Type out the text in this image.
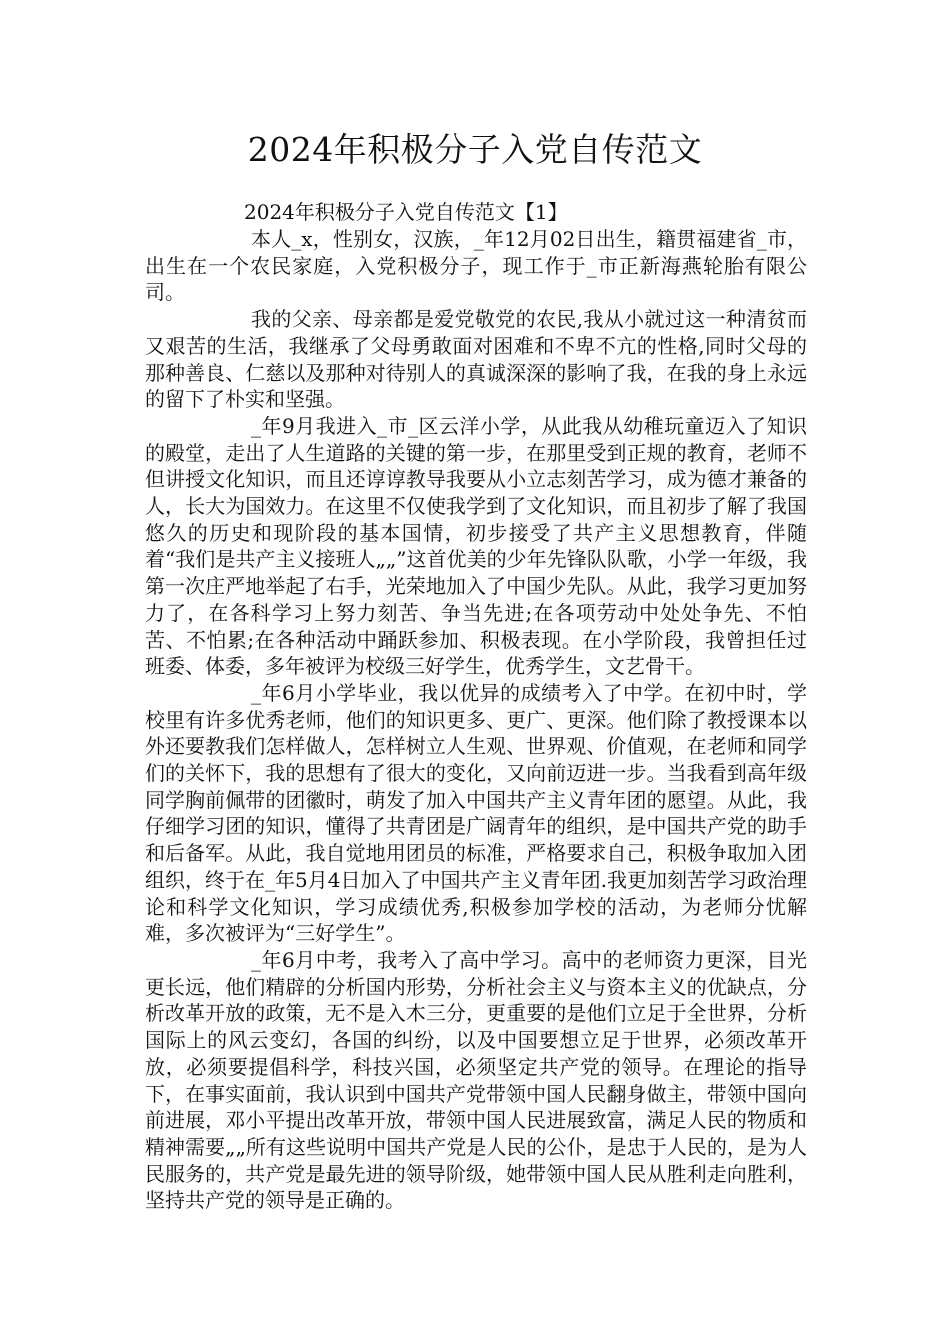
2024年积极分子入党自传范文
2024年积极分子入党自传范文【1】

本人_x，性别女，汉族，_年12月02日出生，籍贯福建省_市，出生在一个农民家庭，入党积极分子，现工作于_市正新海燕轮胎有限公司。

我的父亲、母亲都是爱党敬党的农民,我从小就过这一种清贫而又艰苦的生活，我继承了父母勇敢面对困难和不卑不亢的性格,同时父母的那种善良、仁慈以及那种对待别人的真诚深深的影响了我，在我的身上永远的留下了朴实和坚强。

_年9月我进入_市_区云洋小学，从此我从幼稚玩童迈入了知识的殿堂，走出了人生道路的关键的第一步，在那里受到正规的教育，老师不但讲授文化知识，而且还谆谆教导我要从小立志刻苦学习，成为德才兼备的人，长大为国效力。在这里不仅使我学到了文化知识，而且初步了解了我国悠久的历史和现阶段的基本国情，初步接受了共产主义思想教育，伴随着“我们是共产主义接班人„„”这首优美的少年先锋队队歌，小学一年级，我第一次庄严地举起了右手，光荣地加入了中国少先队。从此，我学习更加努力了，在各科学习上努力刻苦、争当先进;在各项劳动中处处争先、不怕苦、不怕累;在各种活动中踊跃参加、积极表现。在小学阶段，我曾担任过班委、体委，多年被评为校级三好学生，优秀学生，文艺骨干。

_年6月小学毕业，我以优异的成绩考入了中学。在初中时，学校里有许多优秀老师，他们的知识更多、更广、更深。他们除了教授课本以外还要教我们怎样做人，怎样树立人生观、世界观、价值观，在老师和同学们的关怀下，我的思想有了很大的变化，又向前迈进一步。当我看到高年级同学胸前佩带的团徽时，萌发了加入中国共产主义青年团的愿望。从此，我仔细学习团的知识，懂得了共青团是广阔青年的组织，是中国共产党的助手和后备军。从此，我自觉地用团员的标准，严格要求自己，积极争取加入团组织，终于在_年5月4日加入了中国共产主义青年团.我更加刻苦学习政治理论和科学文化知识，学习成绩优秀,积极参加学校的活动，为老师分忧解难，多次被评为“三好学生”。

_年6月中考，我考入了高中学习。高中的老师资力更深，目光更长远，他们精辟的分析国内形势，分析社会主义与资本主义的优缺点，分析改革开放的政策，无不是入木三分，更重要的是他们立足于全世界，分析国际上的风云变幻，各国的纠纷，以及中国要想立足于世界，必须改革开放，必须要提倡科学，科技兴国，必须坚定共产党的领导。在理论的指导下，在事实面前，我认识到中国共产党带领中国人民翻身做主，带领中国向前进展，邓小平提出改革开放，带领中国人民进展致富，满足人民的物质和精神需要„„所有这些说明中国共产党是人民的公仆，是忠于人民的，是为人民服务的，共产党是最先进的领导阶级，她带领中国人民从胜利走向胜利，坚持共产党的领导是正确的。
